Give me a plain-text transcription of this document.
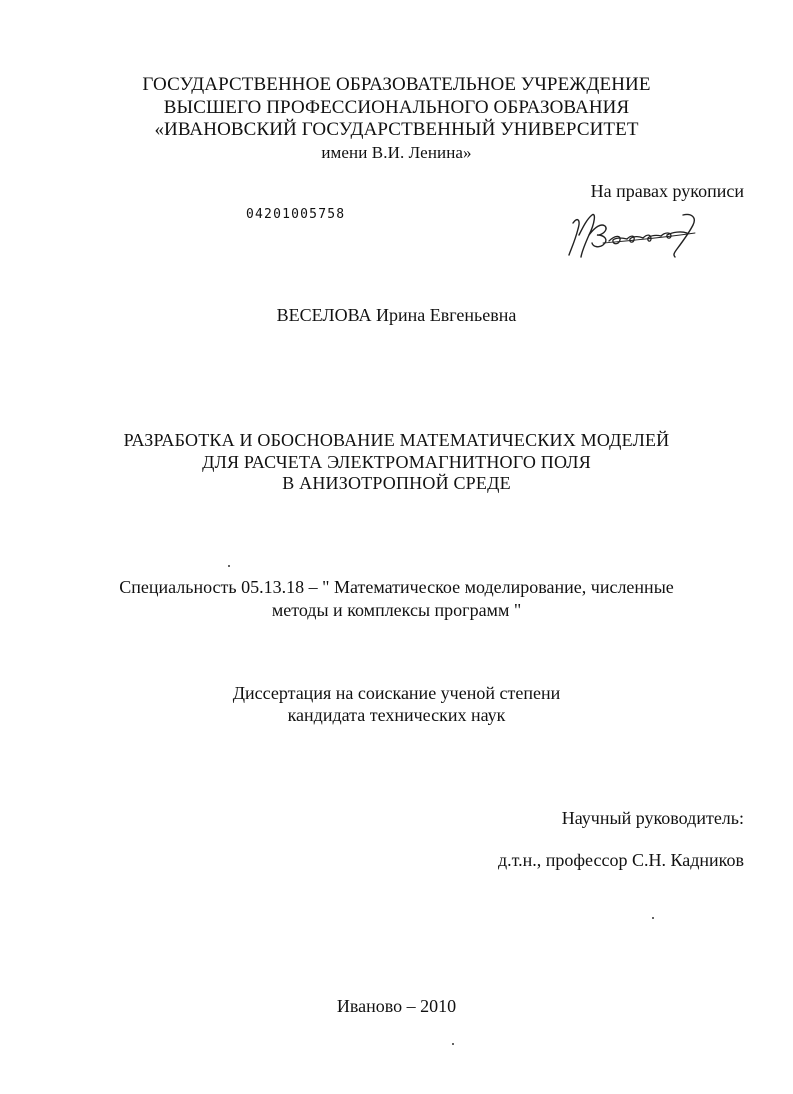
ГОСУДАРСТВЕННОЕ ОБРАЗОВАТЕЛЬНОЕ УЧРЕЖДЕНИЕ
ВЫСШЕГО ПРОФЕССИОНАЛЬНОГО ОБРАЗОВАНИЯ
«ИВАНОВСКИЙ ГОСУДАРСТВЕННЫЙ УНИВЕРСИТЕТ
имени В.И. Ленина»
На правах рукописи
04201005758
ВЕСЕЛОВА Ирина Евгеньевна
РАЗРАБОТКА И ОБОСНОВАНИЕ МАТЕМАТИЧЕСКИХ МОДЕЛЕЙ
ДЛЯ РАСЧЕТА ЭЛЕКТРОМАГНИТНОГО ПОЛЯ
В АНИЗОТРОПНОЙ СРЕДЕ
Специальность 05.13.18 – " Математическое моделирование, численные
методы и комплексы программ "
Диссертация на соискание ученой степени
кандидата технических наук
Научный руководитель:
д.т.н., профессор С.Н. Кадников
Иваново – 2010
